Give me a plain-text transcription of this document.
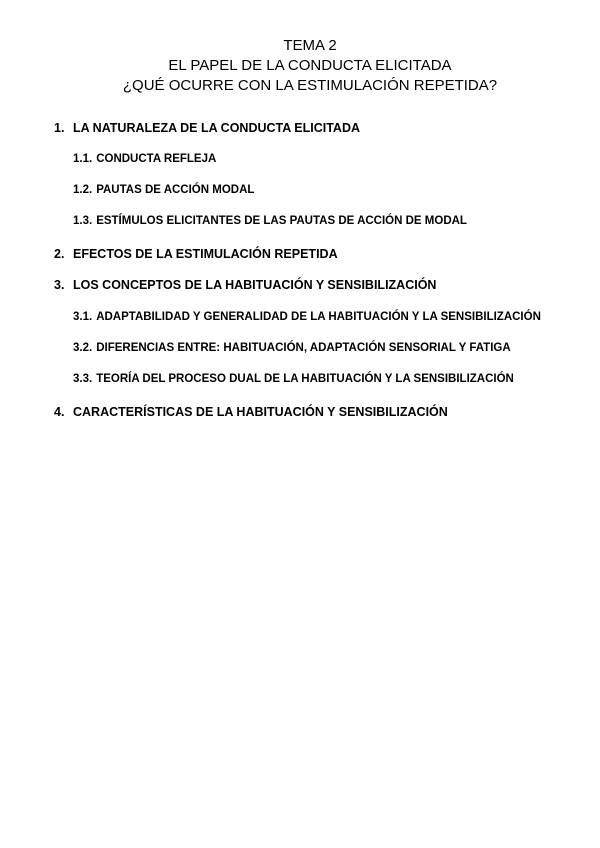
TEMA 2
EL PAPEL DE LA CONDUCTA ELICITADA
¿QUÉ OCURRE CON LA ESTIMULACIÓN REPETIDA?
1. LA NATURALEZA DE LA CONDUCTA ELICITADA
1.1. CONDUCTA REFLEJA
1.2. PAUTAS DE ACCIÓN MODAL
1.3. ESTÍMULOS ELICITANTES DE LAS PAUTAS DE ACCIÓN DE MODAL
2. EFECTOS DE LA ESTIMULACIÓN REPETIDA
3. LOS CONCEPTOS DE LA HABITUACIÓN Y SENSIBILIZACIÓN
3.1. ADAPTABILIDAD Y GENERALIDAD DE LA HABITUACIÓN Y LA SENSIBILIZACIÓN
3.2. DIFERENCIAS ENTRE: HABITUACIÓN, ADAPTACIÓN SENSORIAL Y FATIGA
3.3. TEORÍA DEL PROCESO DUAL DE LA HABITUACIÓN Y LA SENSIBILIZACIÓN
4. CARACTERÍSTICAS DE LA HABITUACIÓN Y SENSIBILIZACIÓN
